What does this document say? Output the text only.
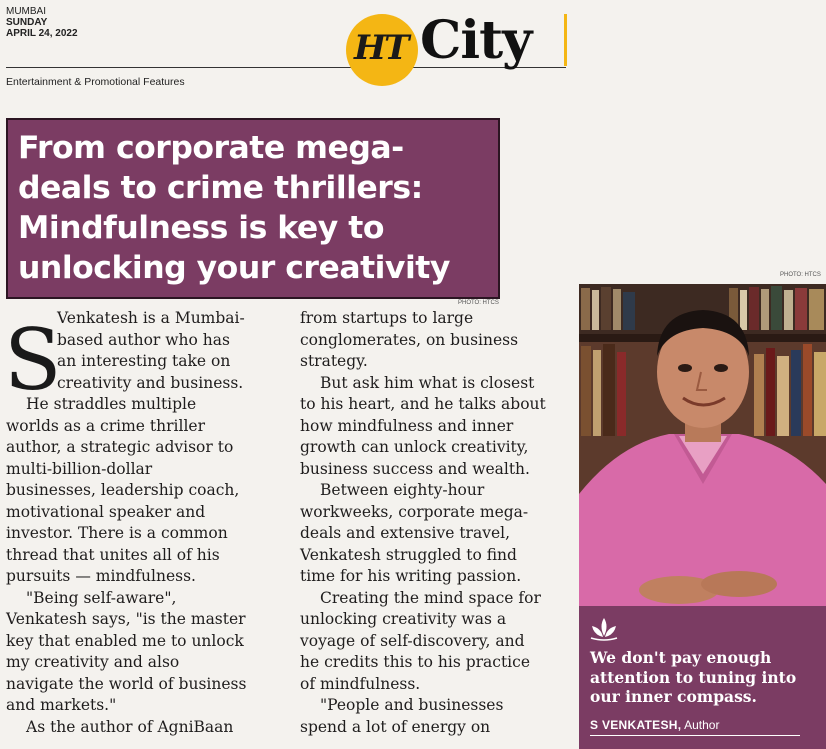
MUMBAI
SUNDAY
APRIL 24, 2022
Entertainment & Promotional Features
HT City
From corporate mega-
deals to crime thrillers:
Mindfulness is key to
unlocking your creativity
PHOTO: HTCS
S

Venkatesh is a Mumbai-

based author who has

an interesting take on

creativity and business.

He straddles multiple

worlds as a crime thriller

author, a strategic advisor to

multi-billion-dollar

businesses, leadership coach,

motivational speaker and

investor. There is a common

thread that unites all of his

pursuits — mindfulness.

"Being self-aware",

Venkatesh says, "is the master

key that enabled me to unlock

my creativity and also

navigate the world of business

and markets."

As the author of AgniBaan

from startups to large

conglomerates, on business

strategy.

But ask him what is closest

to his heart, and he talks about

how mindfulness and inner

growth can unlock creativity,

business success and wealth.

Between eighty-hour

workweeks, corporate mega-

deals and extensive travel,

Venkatesh struggled to find

time for his writing passion.

Creating the mind space for

unlocking creativity was a

voyage of self-discovery, and

he credits this to his practice

of mindfulness.

"People and businesses

spend a lot of energy on

PHOTO: HTCS
We don't pay enough
attention to tuning into
our inner compass.
S VENKATESH, Author
